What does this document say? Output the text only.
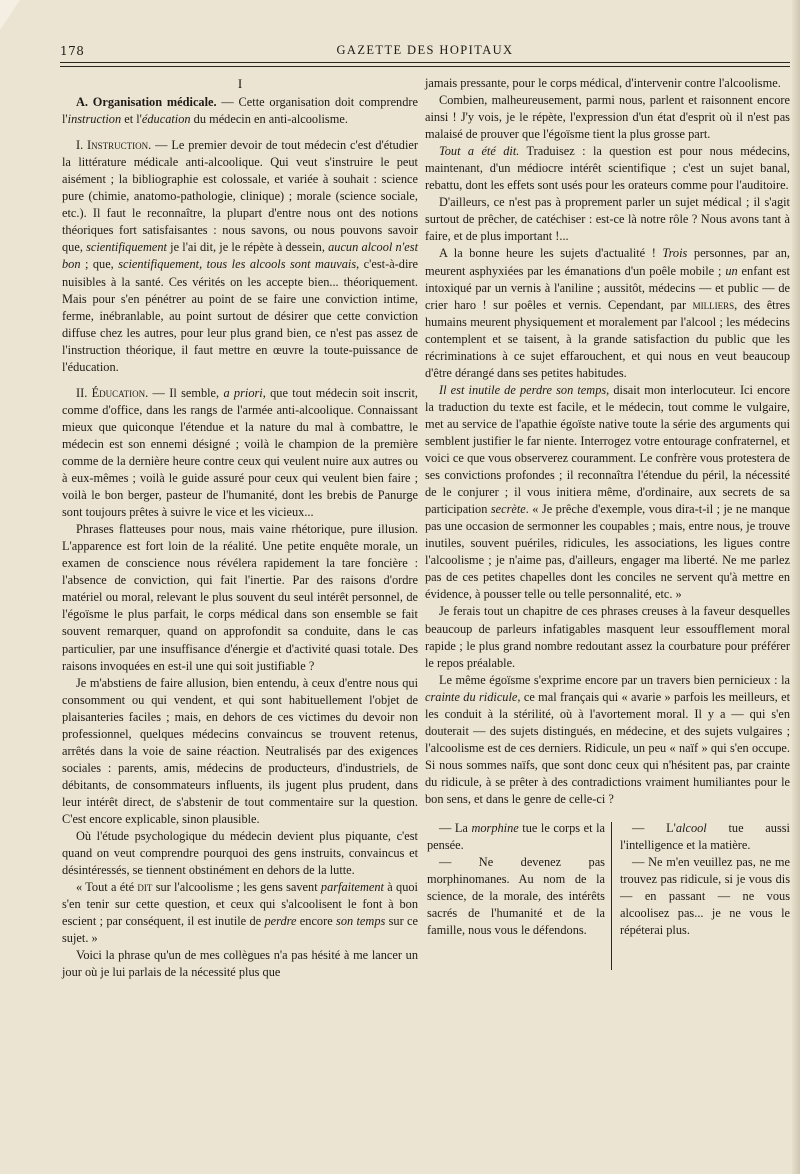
178	GAZETTE DES HOPITAUX
I

A. Organisation médicale. — Cette organisation doit comprendre l'instruction et l'éducation du médecin en anti-alcoolisme.

I. Instruction. — Le premier devoir de tout médecin c'est d'étudier la littérature médicale anti-alcoolique. Qui veut s'instruire le peut aisément ; la bibliographie est colossale, et variée à souhait : science pure (chimie, anatomo-pathologie, clinique) ; morale (science sociale, etc.). Il faut le reconnaître, la plupart d'entre nous ont des notions théoriques fort satisfaisantes : nous savons, ou nous pouvons savoir que, scientifiquement je l'ai dit, je le répète à dessein, aucun alcool n'est bon ; que, scientifiquement, tous les alcools sont mauvais, c'est-à-dire nuisibles à la santé. Ces vérités on les accepte bien... théoriquement. Mais pour s'en pénétrer au point de se faire une conviction intime, ferme, inébranlable, au point surtout de désirer que cette conviction diffuse chez les autres, pour leur plus grand bien, ce n'est pas assez de l'instruction théorique, il faut mettre en œuvre la toute-puissance de l'éducation.

II. Éducation. — Il semble, a priori, que tout médecin soit inscrit, comme d'office, dans les rangs de l'armée anti-alcoolique. Connaissant mieux que quiconque l'étendue et la nature du mal à combattre, le médecin est son ennemi désigné ; voilà le champion de la première comme de la dernière heure contre ceux qui veulent nuire aux autres ou à eux-mêmes ; voilà le guide assuré pour ceux qui veulent bien faire ; voilà le bon berger, pasteur de l'humanité, dont les brebis de Panurge sont toujours prêtes à suivre le vice et les vicieux...

Phrases flatteuses pour nous, mais vaine rhétorique, pure illusion. L'apparence est fort loin de la réalité. Une petite enquête morale, un examen de conscience nous révélera rapidement la tare foncière : l'absence de conviction, qui fait l'inertie. Par des raisons d'ordre matériel ou moral, relevant le plus souvent du seul intérêt personnel, de l'égoïsme le plus parfait, le corps médical dans son ensemble se fait souvent remarquer, quand on approfondit sa conduite, dans le cas particulier, par une insuffisance d'énergie et d'activité quasi totale. Des raisons invoquées en est-il une qui soit justifiable ?

Je m'abstiens de faire allusion, bien entendu, à ceux d'entre nous qui consomment ou qui vendent, et qui sont habituellement l'objet de plaisanteries faciles ; mais, en dehors de ces victimes du devoir non professionnel, quelques médecins convaincus se trouvent retenus, arrêtés dans la voie de saine réaction. Neutralisés par des exigences sociales : parents, amis, médecins de producteurs, d'industriels, de débitants, de consommateurs influents, ils jugent plus prudent, dans leur intérêt direct, de s'abstenir de tout commentaire sur la question. C'est encore explicable, sinon plausible.

Où l'étude psychologique du médecin devient plus piquante, c'est quand on veut comprendre pourquoi des gens instruits, convaincus et désintéressés, se tiennent obstinément en dehors de la lutte.

« Tout a été dit sur l'alcoolisme ; les gens savent parfaitement à quoi s'en tenir sur cette question, et ceux qui s'alcoolisent le font à bon escient ; par conséquent, il est inutile de perdre encore son temps sur ce sujet. »

Voici la phrase qu'un de mes collègues n'a pas hésité à me lancer un jour où je lui parlais de la nécessité plus que

jamais pressante, pour le corps médical, d'intervenir contre l'alcoolisme.

Combien, malheureusement, parmi nous, parlent et raisonnent encore ainsi ! J'y vois, je le répète, l'expression d'un état d'esprit où il n'est pas malaisé de prouver que l'égoïsme tient la plus grosse part.

Tout a été dit. Traduisez : la question est pour nous médecins, maintenant, d'un médiocre intérêt scientifique ; c'est un sujet banal, rebattu, dont les effets sont usés pour les orateurs comme pour l'auditoire.

D'ailleurs, ce n'est pas à proprement parler un sujet médical ; il s'agit surtout de prêcher, de catéchiser : est-ce là notre rôle ? Nous avons tant à faire, et de plus important !...

A la bonne heure les sujets d'actualité ! Trois personnes, par an, meurent asphyxiées par les émanations d'un poêle mobile ; un enfant est intoxiqué par un vernis à l'aniline ; aussitôt, médecins — et public — de crier haro ! sur poêles et vernis. Cependant, par milliers, des êtres humains meurent physiquement et moralement par l'alcool ; les médecins contemplent et se taisent, à la grande satisfaction du public que les récriminations à ce sujet effarouchent, et qui nous en veut beaucoup d'être dérangé dans ses petites habitudes.

Il est inutile de perdre son temps, disait mon interlocuteur. Ici encore la traduction du texte est facile, et le médecin, tout comme le vulgaire, met au service de l'apathie égoïste native toute la série des arguments qui semblent justifier le far niente. Interrogez votre entourage confraternel, et voici ce que vous observerez couramment. Le confrère vous protestera de ses convictions profondes ; il reconnaîtra l'étendue du péril, la nécessité de le conjurer ; il vous initiera même, d'ordinaire, aux secrets de sa participation secrète. « Je prêche d'exemple, vous dira-t-il ; je ne manque pas une occasion de sermonner les coupables ; mais, entre nous, je trouve inutiles, souvent puériles, ridicules, les associations, les ligues contre l'alcoolisme ; je n'aime pas, d'ailleurs, engager ma liberté. Ne me parlez pas de ces petites chapelles dont les conciles ne servent qu'à mettre en évidence, à pousser telle ou telle personnalité, etc. »

Je ferais tout un chapitre de ces phrases creuses à la faveur desquelles beaucoup de parleurs infatigables masquent leur essoufflement moral rapide ; le plus grand nombre redoutant assez la courbature pour préférer le repos préalable.

Le même égoïsme s'exprime encore par un travers bien pernicieux : la crainte du ridicule, ce mal français qui « avarie » parfois les meilleurs, et les conduit à la stérilité, où à l'avortement moral. Il y a — qui s'en douterait — des sujets distingués, en médecine, et des sujets vulgaires ; l'alcoolisme est de ces derniers. Ridicule, un peu « naïf » qui s'en occupe. Si nous sommes naïfs, que sont donc ceux qui n'hésitent pas, par crainte du ridicule, à se prêter à des contradictions vraiment humiliantes pour le bon sens, et dans le genre de celle-ci ?

— La morphine tue le corps et la pensée.

— Ne devenez pas morphinomanes. Au nom de la science, de la morale, des intérêts sacrés de l'humanité et de la famille, nous vous le défendons.

— L'alcool tue aussi l'intelligence et la matière.

— Ne m'en veuillez pas, ne me trouvez pas ridicule, si je vous dis — en passant — ne vous alcoolisez pas... je ne vous le répéterai plus.
